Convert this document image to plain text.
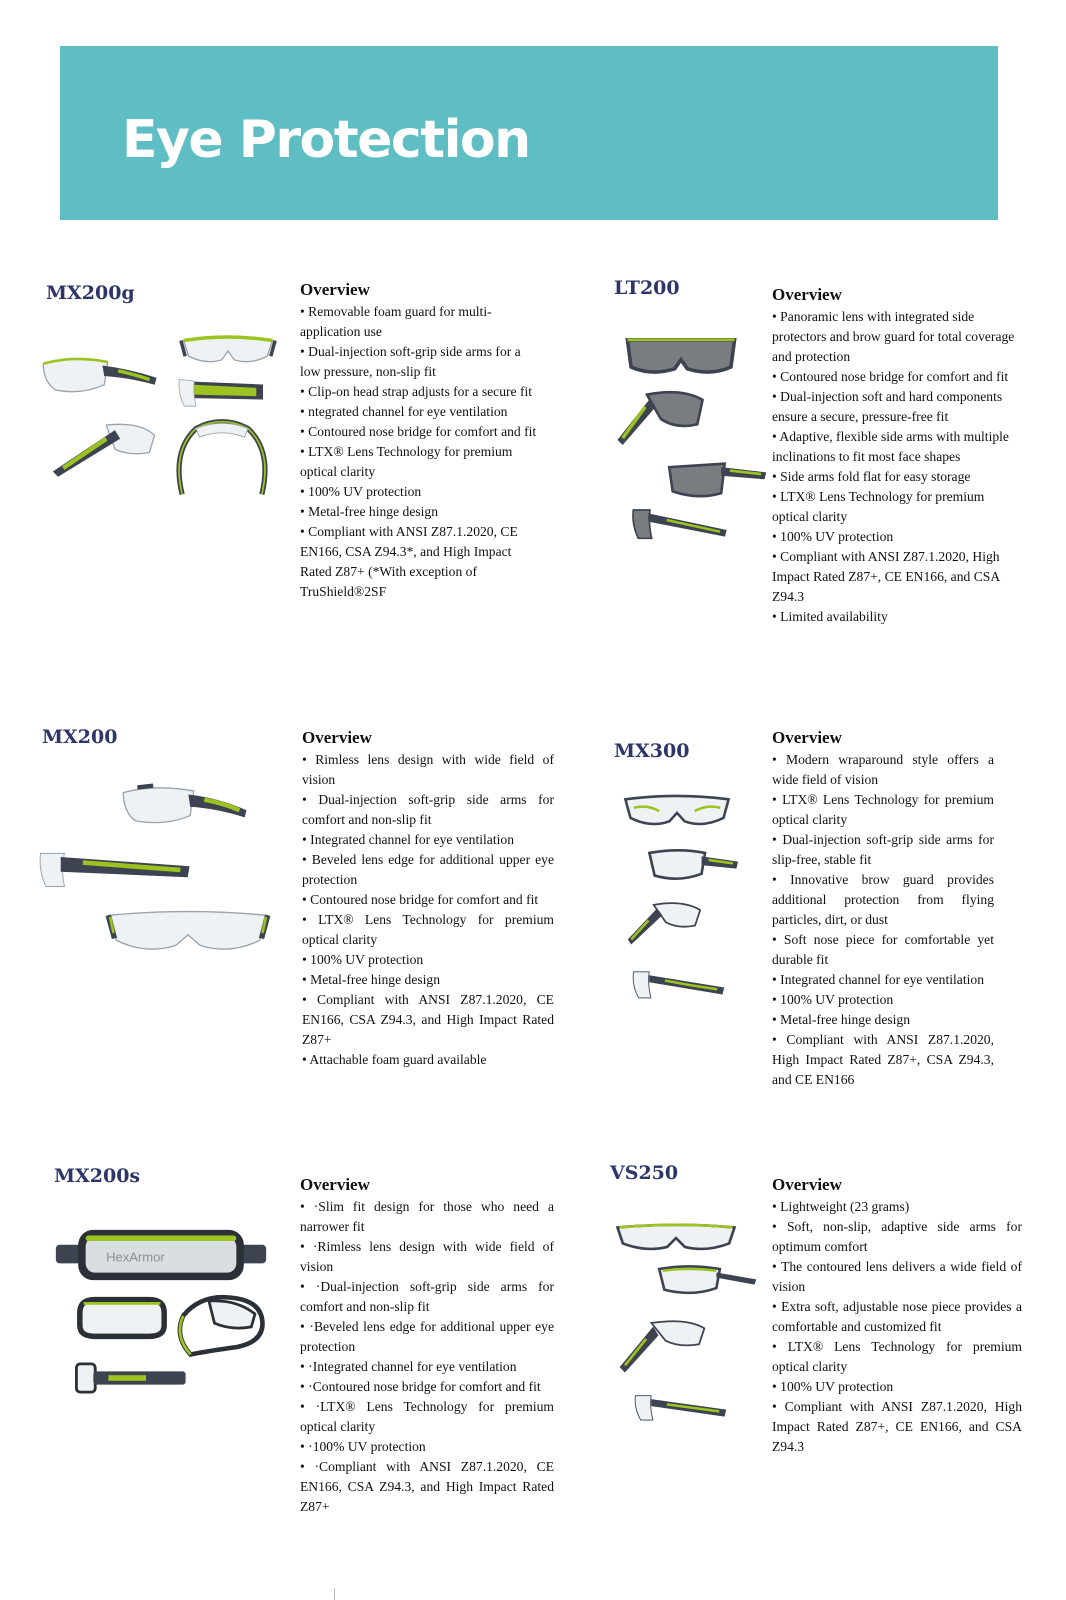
Eye Protection
MX200g	Overview
• Removable foam guard for multi-application use
• Dual-injection soft-grip side arms for a low pressure, non-slip fit
• Clip-on head strap adjusts for a secure fit
• ntegrated channel for eye ventilation
• Contoured nose bridge for comfort and fit
• LTX® Lens Technology for premium optical clarity
• 100% UV protection
• Metal-free hinge design
• Compliant with ANSI Z87.1.2020, CE EN166, CSA Z94.3*, and High Impact Rated Z87+ (*With exception of TruShield®2SF
LT200	Overview
• Panoramic lens with integrated side protectors and brow guard for total coverage and protection
• Contoured nose bridge for comfort and fit
• Dual-injection soft and hard components ensure a secure, pressure-free fit
• Adaptive, flexible side arms with multiple inclinations to fit most face shapes
• Side arms fold flat for easy storage
• LTX® Lens Technology for premium optical clarity
• 100% UV protection
• Compliant with ANSI Z87.1.2020, High Impact Rated Z87+, CE EN166, and CSA Z94.3
• Limited availability
MX200	Overview
• Rimless lens design with wide field of vision
• Dual-injection soft-grip side arms for comfort and non-slip fit
• Integrated channel for eye ventilation
• Beveled lens edge for additional upper eye protection
• Contoured nose bridge for comfort and fit
• LTX® Lens Technology for premium optical clarity
• 100% UV protection
• Metal-free hinge design
• Compliant with ANSI Z87.1.2020, CE EN166, CSA Z94.3, and High Impact Rated Z87+
• Attachable foam guard available
MX300
Overview
• Modern wraparound style offers a wide field of vision
• LTX® Lens Technology for premium optical clarity
• Dual-injection soft-grip side arms for slip-free, stable fit
• Innovative brow guard provides additional protection from flying particles, dirt, or dust
• Soft nose piece for comfortable yet durable fit
• Integrated channel for eye ventilation
• 100% UV protection
• Metal-free hinge design
• Compliant with ANSI Z87.1.2020, High Impact Rated Z87+, CSA Z94.3, and CE EN166
MX200s
HexArmor
Overview
• ·Slim fit design for those who need a narrower fit
• ·Rimless lens design with wide field of vision
• ·Dual-injection soft-grip side arms for comfort and non-slip fit
• ·Beveled lens edge for additional upper eye protection
• ·Integrated channel for eye ventilation
• ·Contoured nose bridge for comfort and fit
• ·LTX® Lens Technology for premium optical clarity
• ·100% UV protection
• ·Compliant with ANSI Z87.1.2020, CE EN166, CSA Z94.3, and High Impact Rated Z87+
VS250
Overview
• Lightweight (23 grams)
• Soft, non-slip, adaptive side arms for optimum comfort
• The contoured lens delivers a wide field of vision
• Extra soft, adjustable nose piece provides a comfortable and customized fit
• LTX® Lens Technology for premium optical clarity
• 100% UV protection
• Compliant with ANSI Z87.1.2020, High Impact Rated Z87+, CE EN166, and CSA Z94.3
